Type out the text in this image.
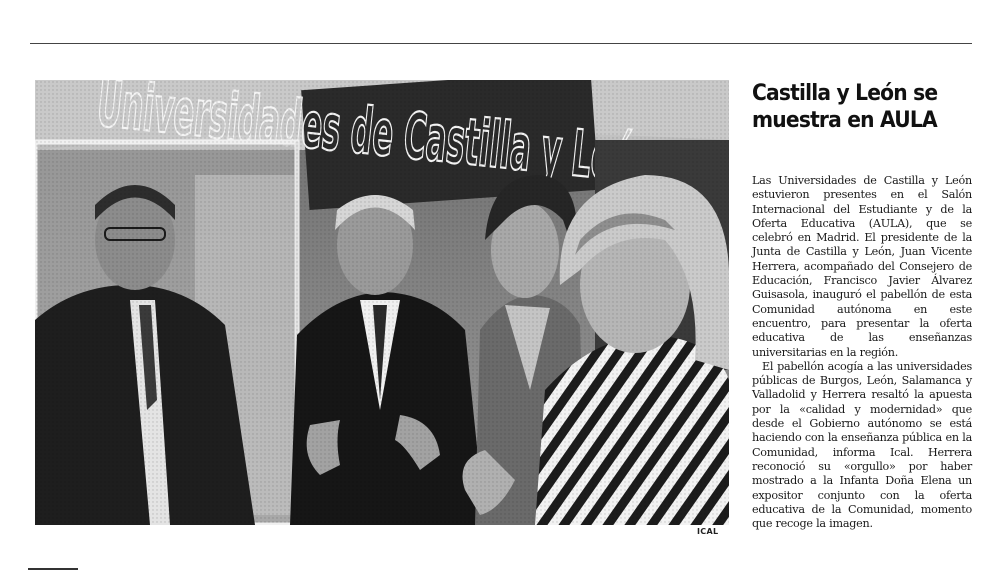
ICAL
Castilla y León se muestra en AULA

Las Universidades de Castilla y León estuvieron presentes en el Salón Internacional del Estudiante y de la Oferta Educativa (AULA), que se celebró en Madrid. El presidente de la Junta de Castilla y León, Juan Vicente Herrera, acompañado del Consejero de Educación, Francisco Javier Álvarez Guisasola, inauguró el pabellón de esta Comunidad autónoma en este encuentro, para presentar la oferta educativa de las enseñanzas universitarias en la región.

El pabellón acogía a las universidades públicas de Burgos, León, Salamanca y Valladolid y Herrera resaltó la apuesta por la «calidad y modernidad» que desde el Gobierno autónomo se está haciendo con la enseñanza pública en la Comunidad, informa Ical. Herrera reconoció su «orgullo» por haber mostrado a la Infanta Doña Elena un expositor conjunto con la oferta educativa de la Comunidad, momento que recoge la imagen.
